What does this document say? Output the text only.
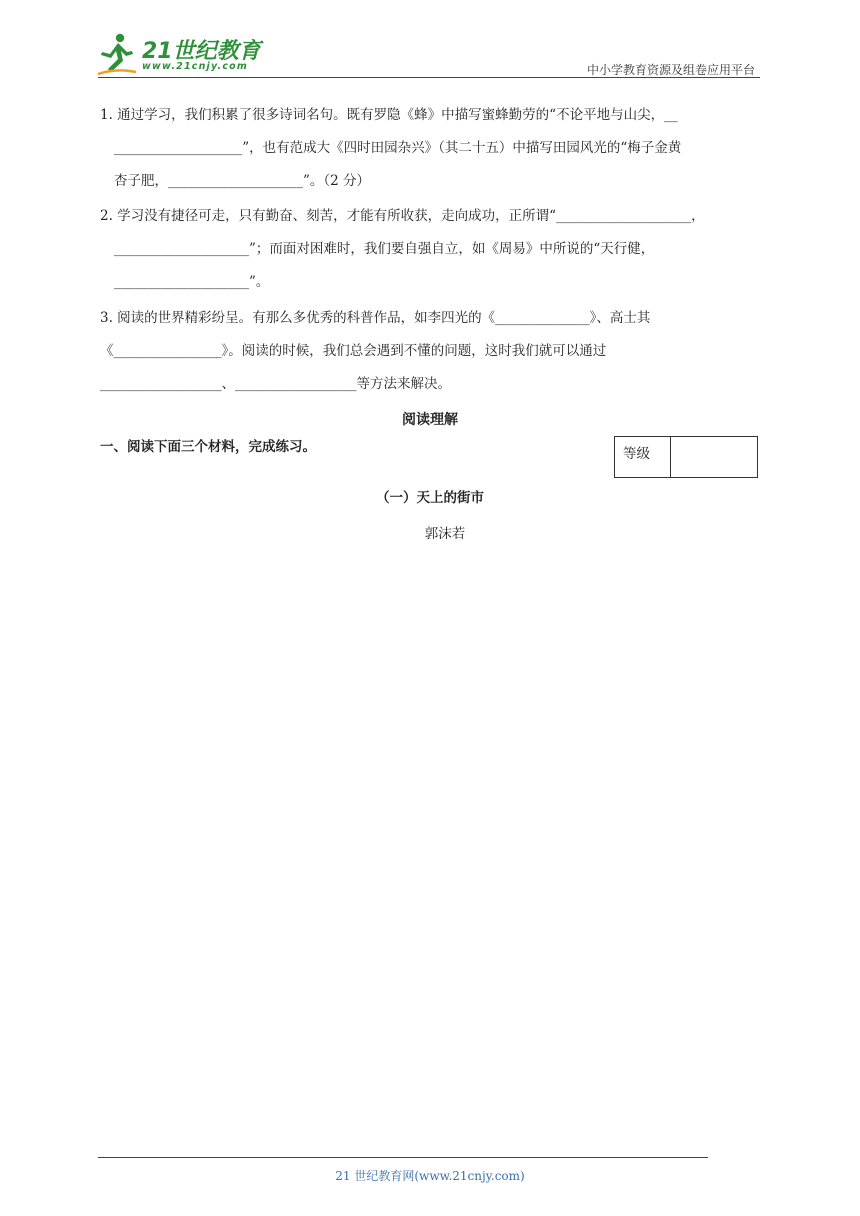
21世纪教育
www.21cnjy.com	中小学教育资源及组卷应用平台
1. 通过学习，我们积累了很多诗词名句。既有罗隐《蜂》中描写蜜蜂勤劳的“不论平地与山尖，__
___________________”，也有范成大《四时田园杂兴》（其二十五）中描写田园风光的“梅子金黄
杏子肥，____________________”。（2 分）
2. 学习没有捷径可走，只有勤奋、刻苦，才能有所收获，走向成功，正所谓“____________________，
____________________”；而面对困难时，我们要自强自立，如《周易》中所说的“天行健，
____________________”。
3. 阅读的世界精彩纷呈。有那么多优秀的科普作品，如李四光的《______________》、高士其
《________________》。阅读的时候，我们总会遇到不懂的问题，这时我们就可以通过
__________________、__________________等方法来解决。
阅读理解
一、阅读下面三个材料，完成练习。	等级
（一）天上的街市
郭沫若
21 世纪教育网(www.21cnjy.com)
